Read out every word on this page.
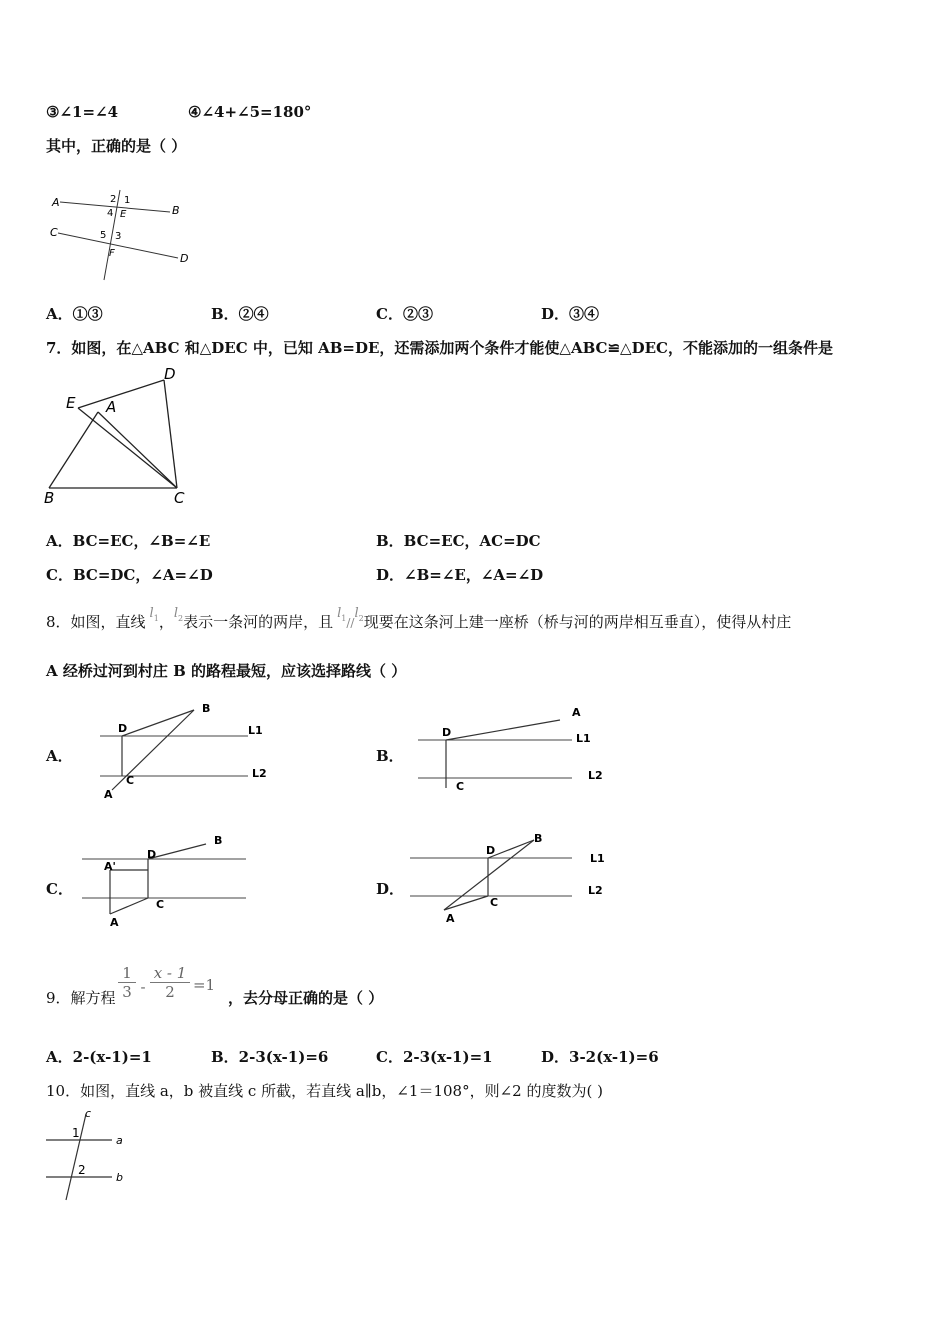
③∠1=∠4	④∠4+∠5=180°
其中，正确的是（ ）
A
B
C
D
E
F
1
2
3
4
5
A．①③	B．②④	C．②③	D．③④
7．如图，在△ABC 和△DEC 中，已知 AB=DE，还需添加两个条件才能使△ABC≌△DEC，不能添加的一组条件是
D
E A
B	C
A．BC=EC，∠B=∠E	B．BC=EC，AC=DC
C．BC=DC，∠A=∠D	D．∠B=∠E，∠A=∠D
8．如图，直线 $l_1$，$l_2$表示一条河的两岸，且 $l_1//l_2$现要在这条河上建一座桥（桥与河的两岸相互垂直），使得从村庄
A 经桥过河到村庄 B 的路程最短，应该选择路线（ ）
A．
B
D	L1
C
L2
A
B．
A
D	L1
C
L2
C．
B
D
A'
C
A
D．
B
D
L1
C
L2
A
9．解方程 $\frac{1}{3} - \frac{x - 1}{2} =1$
，去分母正确的是（ ）
A．2-(x-1)=1	B．2-3(x-1)=6	C．2-3(x-1)=1	D．3-2(x-1)=6
10．如图，直线 a，b 被直线 c 所截，若直线 a∥b，∠1＝108°，则∠2 的度数为( )
c
1
a
2
b
